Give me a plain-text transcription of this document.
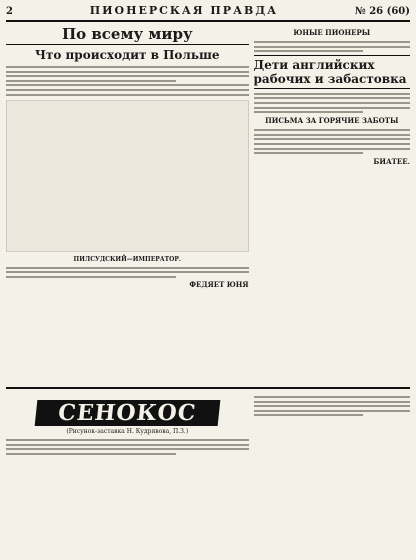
2	ПИОНЕРСКАЯ ПРАВДА	№ 26 (60)
По всему миру
Что происходит в Польше
ПИЛСУДСКИЙ—ИМПЕРАТОР.
ФЕДЯЕТ ЮНЯ
ЮНЫЕ ПИОНЕРЫ
Дети английских рабочих и забастовка
ПИСЬМА ЗА ГОРЯЧИЕ ЗАБОТЫ
БИАТЕЕ.
СЕНОКОС
(Рисунок-заставка Н. Кудрявова, П.З.)
